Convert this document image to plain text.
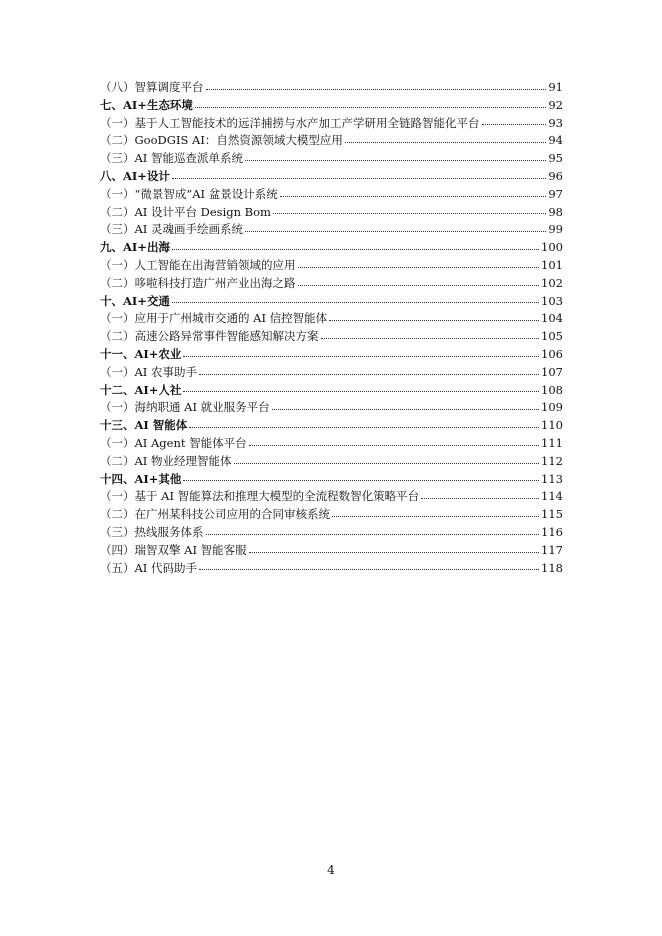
（八）智算调度平台	91
七、AI+生态环境	92
（一）基于人工智能技术的远洋捕捞与水产加工产学研用全链路智能化平台	93
（二）GooDGIS AI：自然资源领域大模型应用	94
（三）AI 智能巡查派单系统	95
八、AI+设计	96
（一）“微景智成”AI 盆景设计系统	97
（二）AI 设计平台 Design Bom	98
（三）AI 灵魂画手绘画系统	99
九、AI+出海	100
（一）人工智能在出海营销领域的应用	101
（二）哆啦科技打造广州产业出海之路	102
十、AI+交通	103
（一）应用于广州城市交通的 AI 信控智能体	104
（二）高速公路异常事件智能感知解决方案	105
十一、AI+农业	106
（一）AI 农事助手	107
十二、AI+人社	108
（一）海纳职通 AI 就业服务平台	109
十三、AI 智能体	110
（一）AI Agent 智能体平台	111
（二）AI 物业经理智能体	112
十四、AI+其他	113
（一）基于 AI 智能算法和推理大模型的全流程数智化策略平台	114
（二）在广州某科技公司应用的合同审核系统	115
（三）热线服务体系	116
（四）瑞智双擎 AI 智能客服	117
（五）AI 代码助手	118
4
